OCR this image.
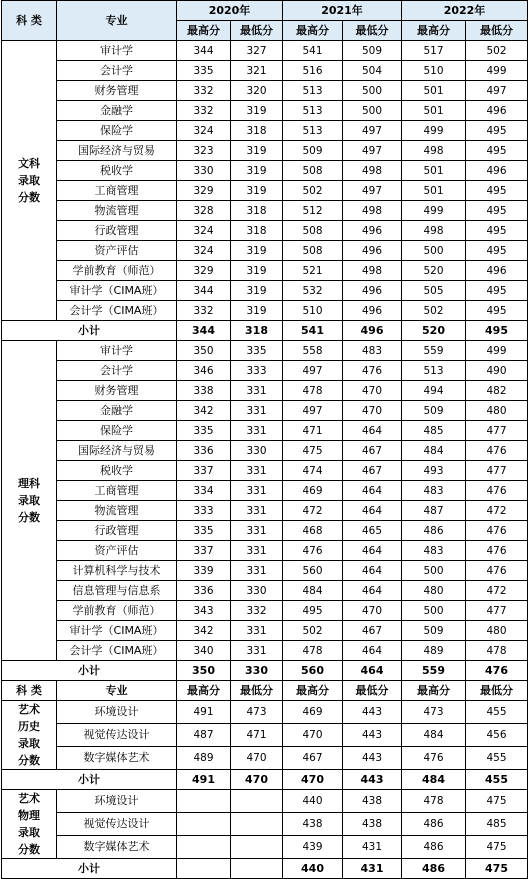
科 类	专业	2020年		2021年		2022年	
		最高分	最低分	最高分	最低分	最高分	最低分
文科录取分数	审计学	344	327	541	509	517	502
	会计学	335	321	516	504	510	499
	财务管理	332	320	513	500	501	497
	金融学	332	319	513	500	501	496
	保险学	324	318	513	497	499	495
	国际经济与贸易	323	319	509	497	498	495
	税收学	330	319	508	498	501	496
	工商管理	329	319	502	497	501	495
	物流管理	328	318	512	498	499	495
	行政管理	324	318	508	496	498	495
	资产评估	324	319	508	496	500	495
	学前教育（师范）	329	319	521	498	520	496
	审计学（CIMA班）	344	319	532	496	505	495
	会计学（CIMA班）	332	319	510	496	502	495
小计		344	318	541	496	520	495
理科录取分数	审计学	350	335	558	483	559	499
	会计学	346	333	497	476	513	490
	财务管理	338	331	478	470	494	482
	金融学	342	331	497	470	509	480
	保险学	335	331	471	464	485	477
	国际经济与贸易	336	330	475	467	484	476
	税收学	337	331	474	467	493	477
	工商管理	334	331	469	464	483	476
	物流管理	333	331	472	464	487	472
	行政管理	335	331	468	465	486	476
	资产评估	337	331	476	464	483	476
	计算机科学与技术	339	331	560	464	500	476
	信息管理与信息系	336	330	484	464	480	472
	学前教育（师范）	343	332	495	470	500	477
	审计学（CIMA班）	342	331	502	467	509	480
	会计学（CIMA班）	340	331	478	464	489	478
小计		350	330	560	464	559	476
科 类	专业	最高分	最低分	最高分	最低分	最高分	最低分
艺术历史录取分数	环境设计	491	473	469	443	473	455
	视觉传达设计	487	471	470	443	484	456
	数字媒体艺术	489	470	467	443	476	455
小计		491	470	470	443	484	455
艺术物理录取分数	环境设计			440	438	478	475
	视觉传达设计			438	438	486	485
	数字媒体艺术			439	431	486	475
小计				440	431	486	475
